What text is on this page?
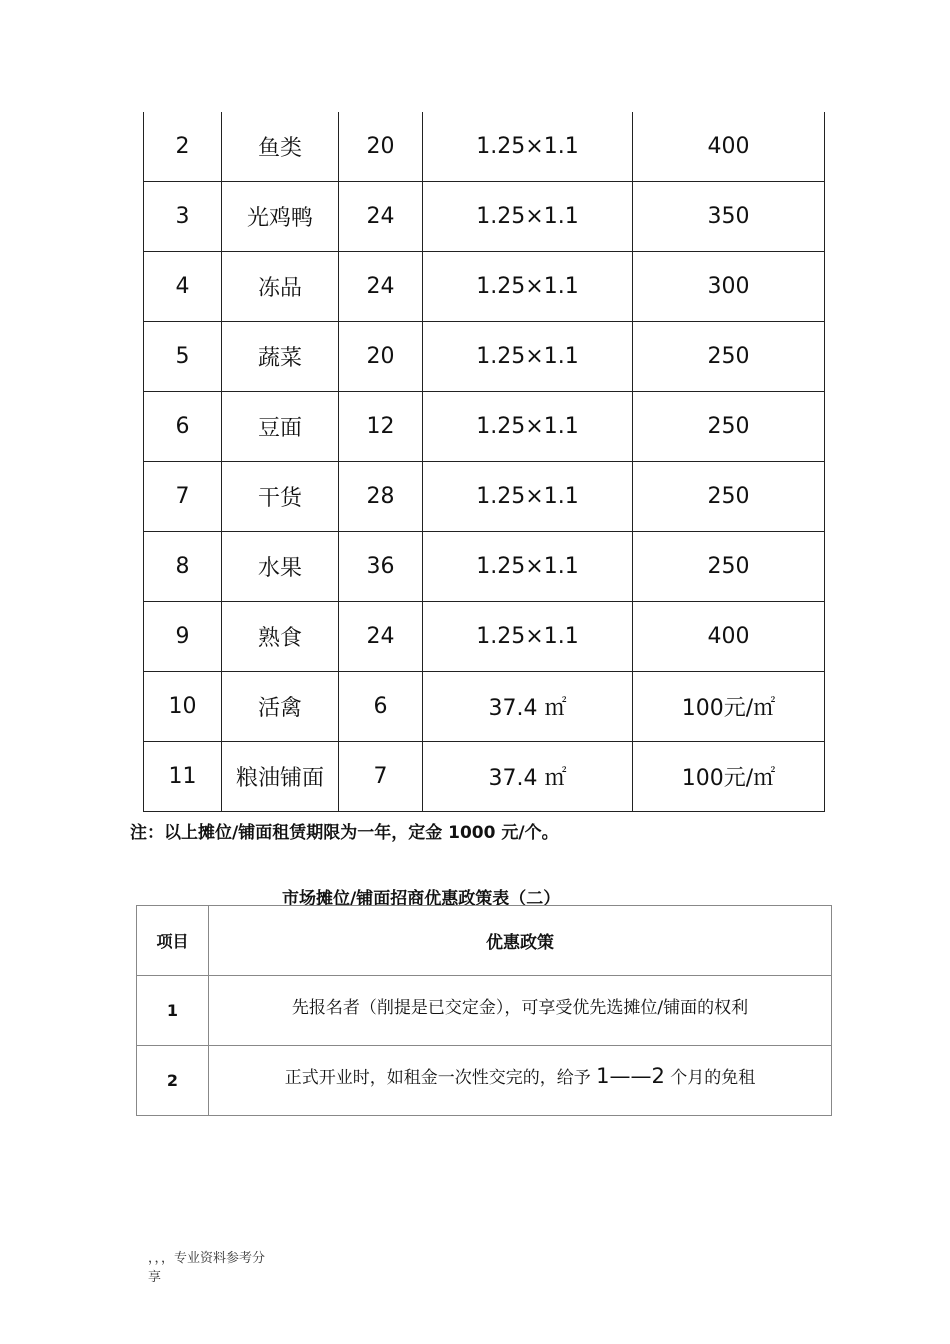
2	鱼类	20	1.25×1.1	400
3	光鸡鸭	24	1.25×1.1	350
4	冻品	24	1.25×1.1	300
5	蔬菜	20	1.25×1.1	250
6	豆面	12	1.25×1.1	250
7	干货	28	1.25×1.1	250
8	水果	36	1.25×1.1	250
9	熟食	24	1.25×1.1	400
10	活禽	6	37.4 ㎡	100元/㎡
11	粮油铺面	7	37.4 ㎡	100元/㎡
注：以上摊位/铺面租赁期限为一年，定金 1000 元/个。
市场摊位/铺面招商优惠政策表（二）
项目	优惠政策
1	先报名者（削提是已交定金），可享受优先选摊位/铺面的权利
2	正式开业时，如租金一次性交完的，给予 1——2 个月的免租
，，，专业资料参考分
享
